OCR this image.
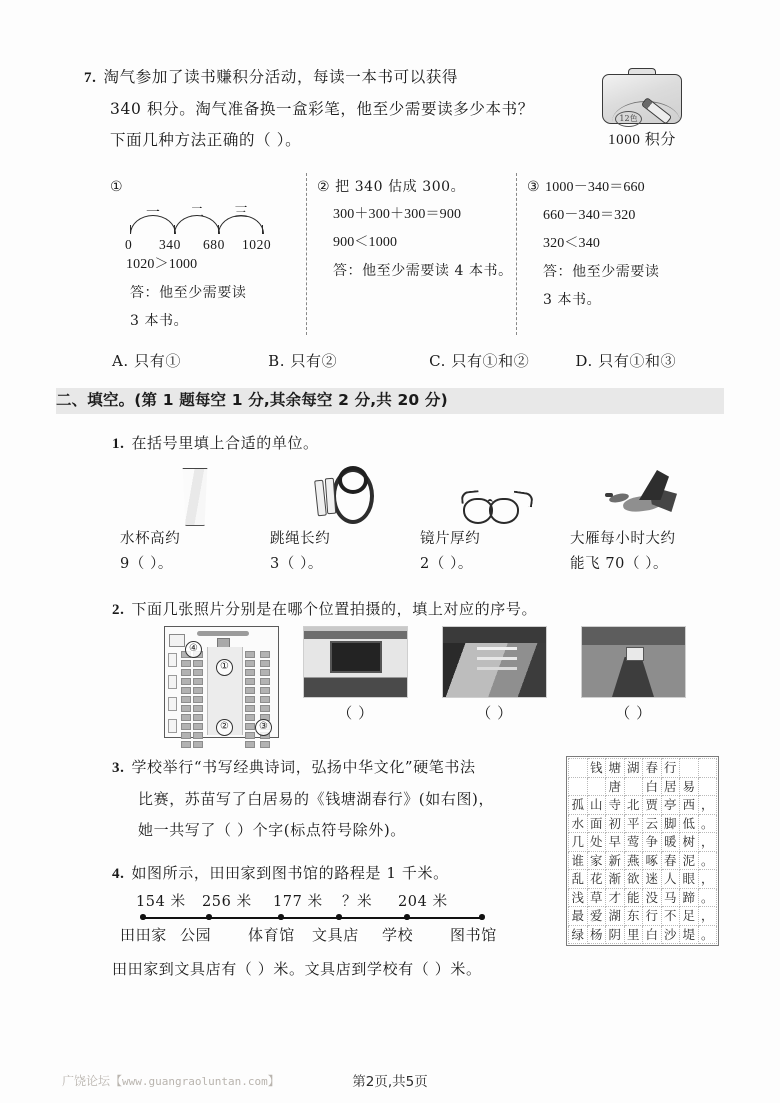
7. 淘气参加了读书赚积分活动，每读一本书可以获得
340 积分。淘气准备换一盒彩笔，他至少需要读多少本书？
下面几种方法正确的（ ）。
12色
1000 积分
①
一 二 三
0 340 680 1020
1020＞1000
答：他至少需要读
3 本书。
② 把 340 估成 300。
300＋300＋300＝900
900＜1000
答：他至少需要读 4 本书。
③ 1000－340＝660
660－340＝320
320＜340
答：他至少需要读
3 本书。
A. 只有①	B. 只有②	C. 只有①和②	D. 只有①和③
二、填空。(第 1 题每空 1 分,其余每空 2 分,共 20 分)
1. 在括号里填上合适的单位。
水杯高约
9（ ）。
跳绳长约
3（ ）。
镜片厚约
2（ ）。
大雁每小时大约
能飞 70（ ）。
2. 下面几张照片分别是在哪个位置拍摄的，填上对应的序号。
①
②	③
④
（ ）	（ ）	（ ）
3. 学校举行“书写经典诗词，弘扬中华文化”硬笔书法
比赛，苏苗写了白居易的《钱塘湖春行》(如右图)，
她一共写了（ ）个字(标点符号除外)。
	钱	塘	湖	春	行		
		唐		白	居	易	
孤	山	寺	北	贾	亭	西	，
水	面	初	平	云	脚	低	。
几	处	早	莺	争	暖	树	，
谁	家	新	燕	啄	春	泥	。
乱	花	渐	欲	迷	人	眼	，
浅	草	才	能	没	马	蹄	。
最	爱	湖	东	行	不	足	，
绿	杨	阴	里	白	沙	堤	。
4. 如图所示，田田家到图书馆的路程是 1 千米。
154 米 256 米 177 米 ？米 204 米
田田家 公园 体育馆 文具店 学校 图书馆
田田家到文具店有（ ）米。文具店到学校有（ ）米。
广饶论坛【www.guangraoluntan.com】	第2页,共5页
